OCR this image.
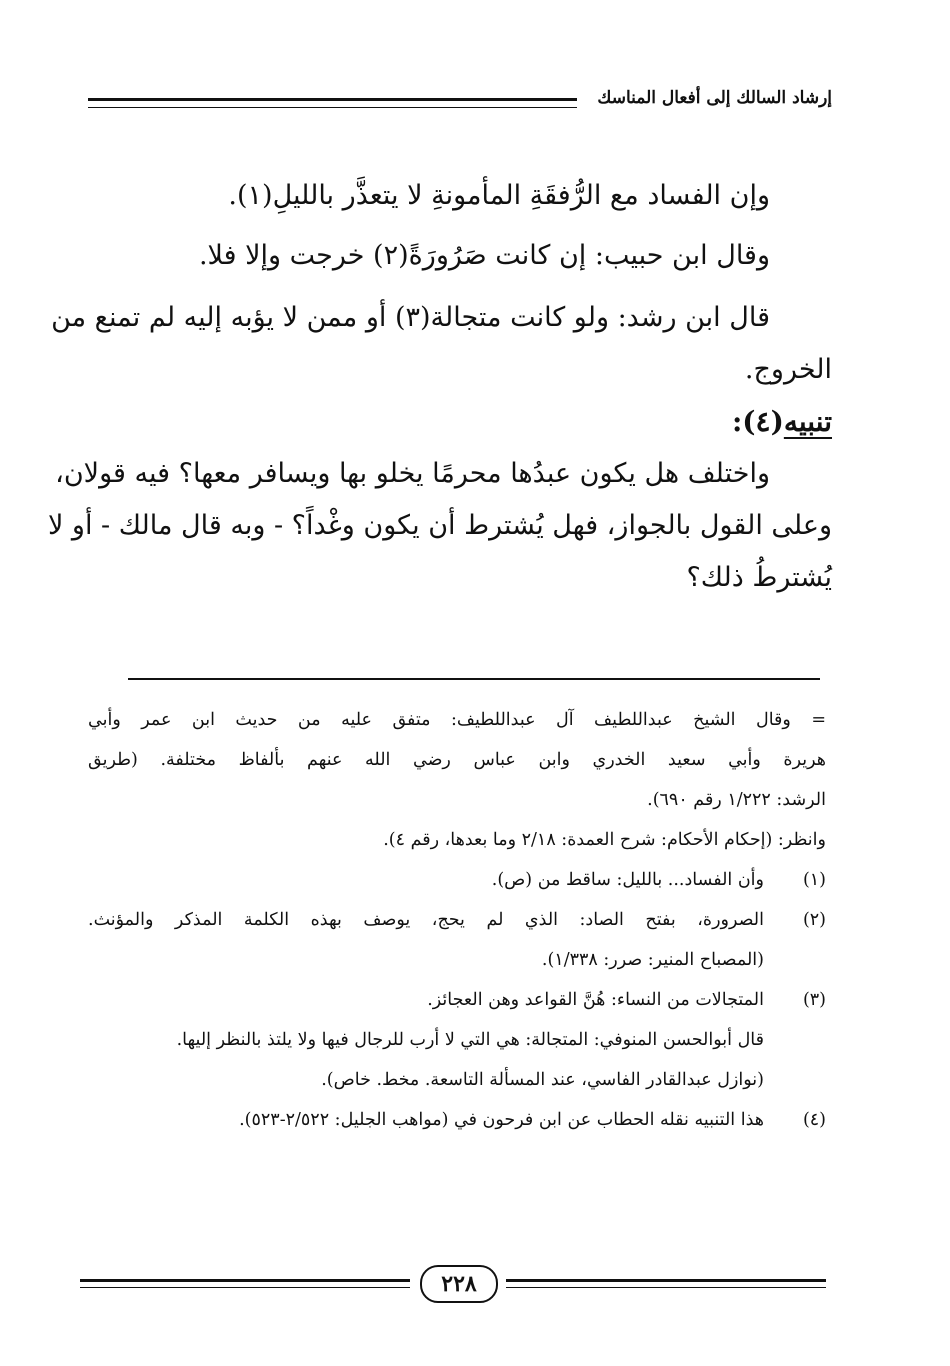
إرشاد السالك إلى أفعال المناسك

وإن الفساد مع الرُّفقَةِ المأمونةِ لا يتعذَّر بالليلِ(١).

وقال ابن حبيب: إن كانت صَرُورَةً(٢) خرجت وإلا فلا.

قال ابن رشد: ولو كانت متجالة(٣) أو ممن لا يؤبه إليه لم تمنع من

الخروج.

تنبيه(٤):

واختلف هل يكون عبدُها محرمًا يخلو بها ويسافر معها؟ فيه قولان،

وعلى القول بالجواز، فهل يُشترط أن يكون وغْداً؟ - وبه قال مالك - أو لا

يُشترطُ ذلك؟

= وقال الشيخ عبداللطيف آل عبداللطيف: متفق عليه من حديث ابن عمر وأبي
هريرة وأبي سعيد الخدري وابن عباس رضي الله عنهم بألفاظ مختلفة. (طريق
الرشد: ١/٢٢٢ رقم ٦٩٠).
وانظر: (إحكام الأحكام: شرح العمدة: ٢/١٨ وما بعدها، رقم ٤).
(١)
وأن الفساد... بالليل: ساقط من (ص).
(٢)
الصرورة، بفتح الصاد: الذي لم يحج، يوصف بهذه الكلمة المذكر والمؤنث.
(المصباح المنير: صرر: ١/٣٣٨).
(٣)
المتجالات من النساء: هُنَّ القواعد وهن العجائز.
قال أبوالحسن المنوفي: المتجالة: هي التي لا أرب للرجال فيها ولا يلتذ بالنظر إليها.
(نوازل عبدالقادر الفاسي، عند المسألة التاسعة. مخط. خاص).
(٤)
هذا التنبيه نقله الحطاب عن ابن فرحون في (مواهب الجليل: ٢/٥٢٢-٥٢٣).
٢٢٨
